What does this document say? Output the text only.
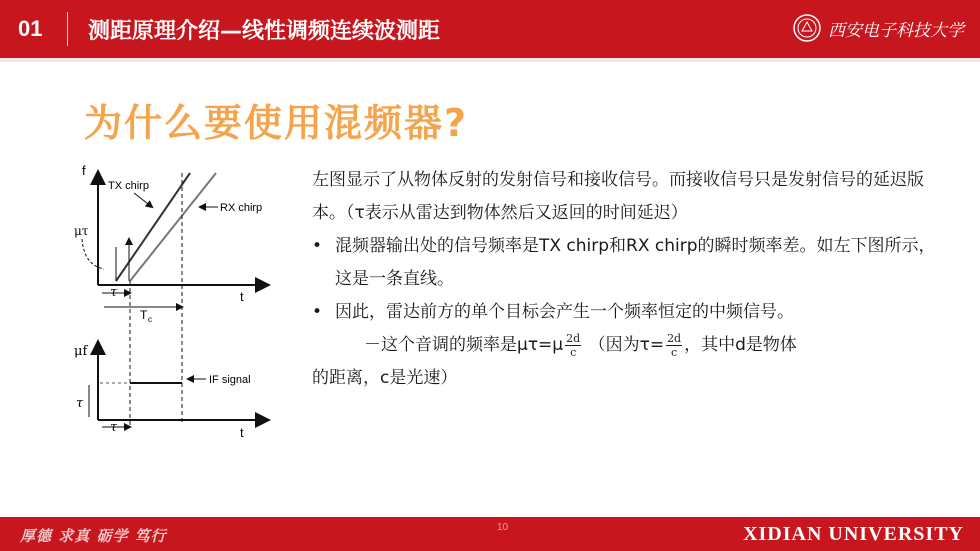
01 测距原理介绍—线性调频连续波测距	西安电子科技大学
为什么要使用混频器?
f
TX chirp
RX chirp
μτ
τ
T c
t
μf
IF signal
τ
τ	t

左图显示了从物体反射的发射信号和接收信号。而接收信号只是发射信号的延迟版本。（τ表示从雷达到物体然后又返回的时间延迟）

• 混频器输出处的信号频率是TX chirp和RX chirp的瞬时频率差。如左下图所示，这是一条直线。

• 因此，雷达前方的单个目标会产生一个频率恒定的中频信号。

－这个音调的频率是$\mu\tau=\mu \frac{2d}{c}$ （因为$\tau= \frac{2d}{c}$ ，其中d是物体

的距离，c是光速）

厚德 求真 砺学 笃行	10	XIDIAN UNIVERSITY
